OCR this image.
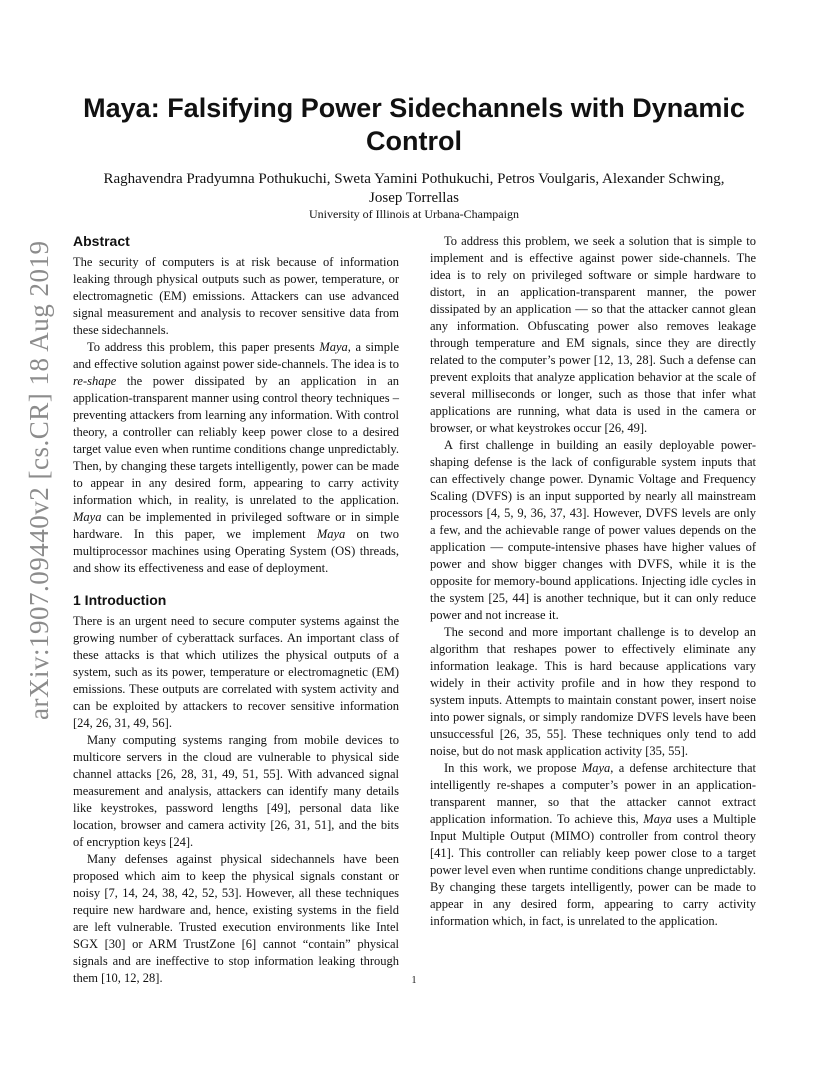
arXiv:1907.09440v2 [cs.CR] 18 Aug 2019
Maya: Falsifying Power Sidechannels with Dynamic Control
Raghavendra Pradyumna Pothukuchi, Sweta Yamini Pothukuchi, Petros Voulgaris, Alexander Schwing, Josep Torrellas
University of Illinois at Urbana-Champaign
Abstract

The security of computers is at risk because of information leaking through physical outputs such as power, temperature, or electromagnetic (EM) emissions. Attackers can use advanced signal measurement and analysis to recover sensitive data from these sidechannels.

To address this problem, this paper presents Maya, a simple and effective solution against power side-channels. The idea is to re-shape the power dissipated by an application in an application-transparent manner using control theory techniques – preventing attackers from learning any information. With control theory, a controller can reliably keep power close to a desired target value even when runtime conditions change unpredictably. Then, by changing these targets intelligently, power can be made to appear in any desired form, appearing to carry activity information which, in reality, is unrelated to the application. Maya can be implemented in privileged software or in simple hardware. In this paper, we implement Maya on two multiprocessor machines using Operating System (OS) threads, and show its effectiveness and ease of deployment.

1 Introduction

There is an urgent need to secure computer systems against the growing number of cyberattack surfaces. An important class of these attacks is that which utilizes the physical outputs of a system, such as its power, temperature or electromagnetic (EM) emissions. These outputs are correlated with system activity and can be exploited by attackers to recover sensitive information [24, 26, 31, 49, 56].

Many computing systems ranging from mobile devices to multicore servers in the cloud are vulnerable to physical side channel attacks [26, 28, 31, 49, 51, 55]. With advanced signal measurement and analysis, attackers can identify many details like keystrokes, password lengths [49], personal data like location, browser and camera activity [26, 31, 51], and the bits of encryption keys [24].

Many defenses against physical sidechannels have been proposed which aim to keep the physical signals constant or noisy [7, 14, 24, 38, 42, 52, 53]. However, all these techniques require new hardware and, hence, existing systems in the field are left vulnerable. Trusted execution environments like Intel SGX [30] or ARM TrustZone [6] cannot “contain” physical signals and are ineffective to stop information leaking through them [10, 12, 28].

To address this problem, we seek a solution that is simple to implement and is effective against power side-channels. The idea is to rely on privileged software or simple hardware to distort, in an application-transparent manner, the power dissipated by an application — so that the attacker cannot glean any information. Obfuscating power also removes leakage through temperature and EM signals, since they are directly related to the computer’s power [12, 13, 28]. Such a defense can prevent exploits that analyze application behavior at the scale of several milliseconds or longer, such as those that infer what applications are running, what data is used in the camera or browser, or what keystrokes occur [26, 49].

A first challenge in building an easily deployable power-shaping defense is the lack of configurable system inputs that can effectively change power. Dynamic Voltage and Frequency Scaling (DVFS) is an input supported by nearly all mainstream processors [4, 5, 9, 36, 37, 43]. However, DVFS levels are only a few, and the achievable range of power values depends on the application — compute-intensive phases have higher values of power and show bigger changes with DVFS, while it is the opposite for memory-bound applications. Injecting idle cycles in the system [25, 44] is another technique, but it can only reduce power and not increase it.

The second and more important challenge is to develop an algorithm that reshapes power to effectively eliminate any information leakage. This is hard because applications vary widely in their activity profile and in how they respond to system inputs. Attempts to maintain constant power, insert noise into power signals, or simply randomize DVFS levels have been unsuccessful [26, 35, 55]. These techniques only tend to add noise, but do not mask application activity [35, 55].

In this work, we propose Maya, a defense architecture that intelligently re-shapes a computer’s power in an application-transparent manner, so that the attacker cannot extract application information. To achieve this, Maya uses a Multiple Input Multiple Output (MIMO) controller from control theory [41]. This controller can reliably keep power close to a target power level even when runtime conditions change unpredictably. By changing these targets intelligently, power can be made to appear in any desired form, appearing to carry activity information which, in fact, is unrelated to the application.

1
